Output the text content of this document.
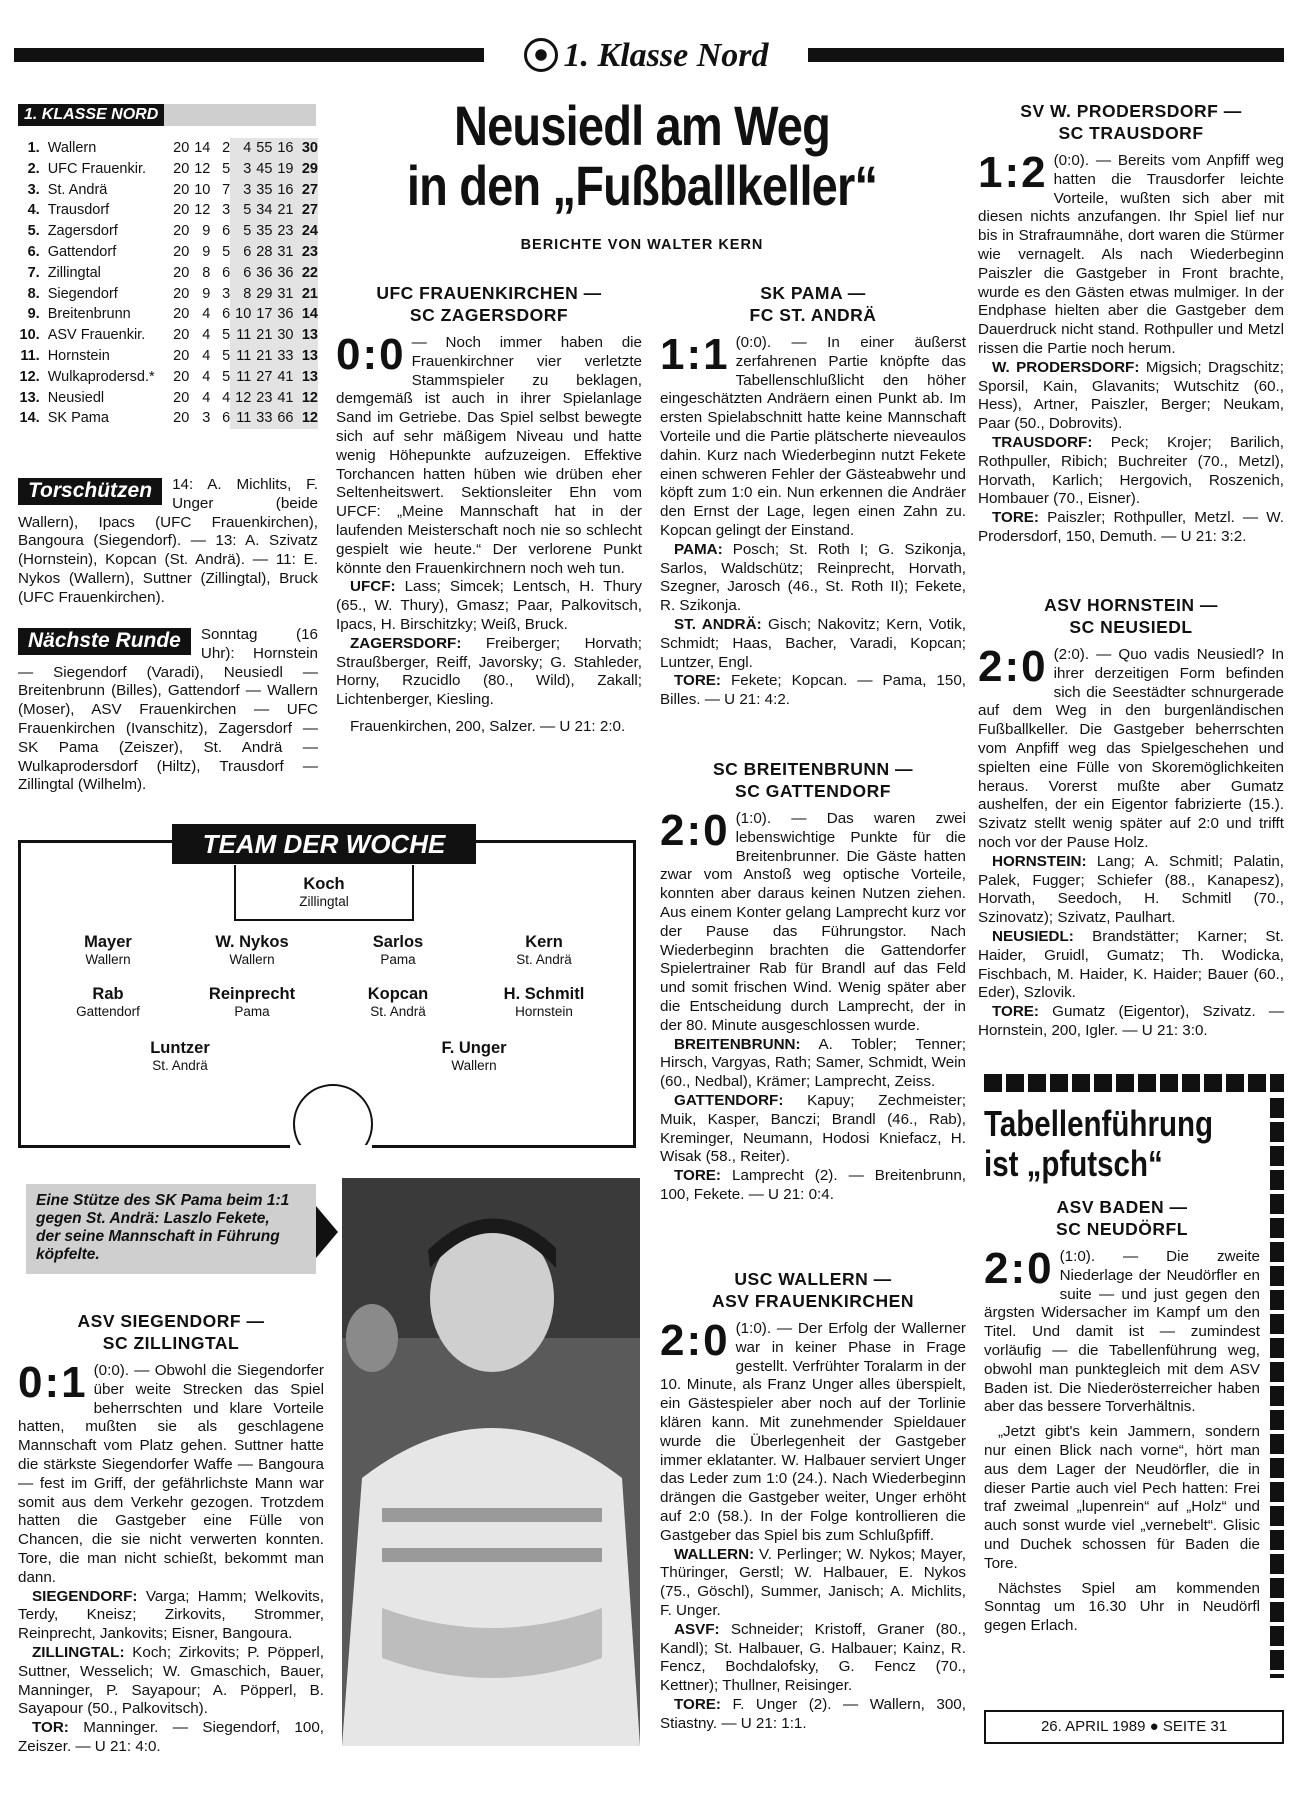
1. Klasse Nord
1. KLASSE NORD
1.	Wallern	20	14	2	4	55	16	30
2.	UFC Frauenkir.	20	12	5	3	45	19	29
3.	St. Andrä	20	10	7	3	35	16	27
4.	Trausdorf	20	12	3	5	34	21	27
5.	Zagersdorf	20	9	6	5	35	23	24
6.	Gattendorf	20	9	5	6	28	31	23
7.	Zillingtal	20	8	6	6	36	36	22
8.	Siegendorf	20	9	3	8	29	31	21
9.	Breitenbrunn	20	4	6	10	17	36	14
10.	ASV Frauenkir.	20	4	5	11	21	30	13
11.	Hornstein	20	4	5	11	21	33	13
12.	Wulkaprodersd.*	20	4	5	11	27	41	13
13.	Neusiedl	20	4	4	12	23	41	12
14.	SK Pama	20	3	6	11	33	66	12
Torschützen	14: A. Michlits, F. Unger (beide Wallern), Ipacs (UFC Frauenkirchen), Bangoura (Siegendorf). — 13: A. Szivatz (Hornstein), Kopcan (St. Andrä). — 11: E. Nykos (Wallern), Suttner (Zillingtal), Bruck (UFC Frauenkirchen).
Nächste Runde	Sonntag (16 Uhr): Hornstein — Siegendorf (Varadi), Neusiedl — Breitenbrunn (Billes), Gattendorf — Wallern (Moser), ASV Frauenkirchen — UFC Frauenkirchen (Ivanschitz), Zagersdorf — SK Pama (Zeiszer), St. Andrä — Wulkaprodersdorf (Hiltz), Trausdorf — Zillingtal (Wilhelm).
Neusiedl am Weg
in den „Fußballkeller“
BERICHTE VON WALTER KERN
UFC FRAUENKIRCHEN —
SC ZAGERSDORF
0:0 — Noch immer haben die Frauenkirchner vier verletzte Stammspieler zu beklagen, demgemäß ist auch in ihrer Spielanlage Sand im Getriebe. Das Spiel selbst bewegte sich auf sehr mäßigem Niveau und hatte wenig Höhepunkte aufzuzeigen. Effektive Torchancen hatten hüben wie drüben eher Seltenheitswert. Sektionsleiter Ehn vom UFCF: „Meine Mannschaft hat in der laufenden Meisterschaft noch nie so schlecht gespielt wie heute.“ Der verlorene Punkt könnte den Frauenkirchnern noch weh tun.

UFCF: Lass; Simcek; Lentsch, H. Thury (65., W. Thury), Gmasz; Paar, Palkovitsch, Ipacs, H. Birschitzky; Weiß, Bruck.

ZAGERSDORF: Freiberger; Horvath; Straußberger, Reiff, Javorsky; G. Stahleder, Horny, Rzucidlo (80., Wild), Zakall; Lichtenberger, Kiesling.

Frauenkirchen, 200, Salzer. — U 21: 2:0.

SK PAMA —
FC ST. ANDRÄ
1:1 (0:0). — In einer äußerst zerfahrenen Partie knöpfte das Tabellenschlußlicht den höher eingeschätzten Andräern einen Punkt ab. Im ersten Spielabschnitt hatte keine Mannschaft Vorteile und die Partie plätscherte nieveaulos dahin. Kurz nach Wiederbeginn nutzt Fekete einen schweren Fehler der Gästeabwehr und köpft zum 1:0 ein. Nun erkennen die Andräer den Ernst der Lage, legen einen Zahn zu. Kopcan gelingt der Einstand.

PAMA: Posch; St. Roth I; G. Szikonja, Sarlos, Waldschütz; Reinprecht, Horvath, Szegner, Jarosch (46., St. Roth II); Fekete, R. Szikonja.

ST. ANDRÄ: Gisch; Nakovitz; Kern, Votik, Schmidt; Haas, Bacher, Varadi, Kopcan; Luntzer, Engl.

TORE: Fekete; Kopcan. — Pama, 150, Billes. — U 21: 4:2.

SV W. PRODERSDORF —
SC TRAUSDORF
1:2 (0:0). — Bereits vom Anpfiff weg hatten die Trausdorfer leichte Vorteile, wußten sich aber mit diesen nichts anzufangen. Ihr Spiel lief nur bis in Strafraumnähe, dort waren die Stürmer wie vernagelt. Als nach Wiederbeginn Paiszler die Gastgeber in Front brachte, wurde es den Gästen etwas mulmiger. In der Endphase hielten aber die Gastgeber dem Dauerdruck nicht stand. Rothpuller und Metzl rissen die Partie noch herum.

W. PRODERSDORF: Migsich; Dragschitz; Sporsil, Kain, Glavanits; Wutschitz (60., Hess), Artner, Paiszler, Berger; Neukam, Paar (50., Dobrovits).

TRAUSDORF: Peck; Krojer; Barilich, Rothpuller, Ribich; Buchreiter (70., Metzl), Horvath, Karlich; Hergovich, Roszenich, Hombauer (70., Eisner).

TORE: Paiszler; Rothpuller, Metzl. — W. Prodersdorf, 150, Demuth. — U 21: 3:2.

SC BREITENBRUNN —
SC GATTENDORF
2:0 (1:0). — Das waren zwei lebenswichtige Punkte für die Breitenbrunner. Die Gäste hatten zwar vom Anstoß weg optische Vorteile, konnten aber daraus keinen Nutzen ziehen. Aus einem Konter gelang Lamprecht kurz vor der Pause das Führungstor. Nach Wiederbeginn brachten die Gattendorfer Spielertrainer Rab für Brandl auf das Feld und somit frischen Wind. Wenig später aber die Entscheidung durch Lamprecht, der in der 80. Minute ausgeschlossen wurde.

BREITENBRUNN: A. Tobler; Tenner; Hirsch, Vargyas, Rath; Samer, Schmidt, Wein (60., Nedbal), Krämer; Lamprecht, Zeiss.

GATTENDORF: Kapuy; Zechmeister; Muik, Kasper, Banczi; Brandl (46., Rab), Kreminger, Neumann, Hodosi Kniefacz, H. Wisak (58., Reiter).

TORE: Lamprecht (2). — Breitenbrunn, 100, Fekete. — U 21: 0:4.

ASV HORNSTEIN —
SC NEUSIEDL
2:0 (2:0). — Quo vadis Neusiedl? In ihrer derzeitigen Form befinden sich die Seestädter schnurgerade auf dem Weg in den burgenländischen Fußballkeller. Die Gastgeber beherrschten vom Anpfiff weg das Spielgeschehen und spielten eine Fülle von Skoremöglichkeiten heraus. Vorerst mußte aber Gumatz aushelfen, der ein Eigentor fabrizierte (15.). Szivatz stellt wenig später auf 2:0 und trifft noch vor der Pause Holz.

HORNSTEIN: Lang; A. Schmitl; Palatin, Palek, Fugger; Schiefer (88., Kanapesz), Horvath, Seedoch, H. Schmitl (70., Szinovatz); Szivatz, Paulhart.

NEUSIEDL: Brandstätter; Karner; St. Haider, Gruidl, Gumatz; Th. Wodicka, Fischbach, M. Haider, K. Haider; Bauer (60., Eder), Szlovik.

TORE: Gumatz (Eigentor), Szivatz. — Hornstein, 200, Igler. — U 21: 3:0.

TEAM DER WOCHE
Koch
Zillingtal
Mayer
Wallern
W. Nykos
Wallern
Sarlos
Pama
Kern
St. Andrä
Rab
Gattendorf
Reinprecht
Pama
Kopcan
St. Andrä
H. Schmitl
Hornstein
Luntzer
St. Andrä
F. Unger
Wallern
Eine Stütze des SK Pama beim 1:1 gegen St. Andrä: Laszlo Fekete, der seine Mannschaft in Führung köpfelte.
ASV SIEGENDORF —
SC ZILLINGTAL
0:1 (0:0). — Obwohl die Siegendorfer über weite Strecken das Spiel beherrschten und klare Vorteile hatten, mußten sie als geschlagene Mannschaft vom Platz gehen. Suttner hatte die stärkste Siegendorfer Waffe — Bangoura — fest im Griff, der gefährlichste Mann war somit aus dem Verkehr gezogen. Trotzdem hatten die Gastgeber eine Fülle von Chancen, die sie nicht verwerten konnten. Tore, die man nicht schießt, bekommt man dann.

SIEGENDORF: Varga; Hamm; Welkovits, Terdy, Kneisz; Zirkovits, Strommer, Reinprecht, Jankovits; Eisner, Bangoura.

ZILLINGTAL: Koch; Zirkovits; P. Pöpperl, Suttner, Wesselich; W. Gmaschich, Bauer, Manninger, P. Sayapour; A. Pöpperl, B. Sayapour (50., Palkovitsch).

TOR: Manninger. — Siegendorf, 100, Zeiszer. — U 21: 4:0.

USC WALLERN —
ASV FRAUENKIRCHEN
2:0 (1:0). — Der Erfolg der Wallerner war in keiner Phase in Frage gestellt. Verfrühter Toralarm in der 10. Minute, als Franz Unger alles überspielt, ein Gästespieler aber noch auf der Torlinie klären kann. Mit zunehmender Spieldauer wurde die Überlegenheit der Gastgeber immer eklatanter. W. Halbauer serviert Unger das Leder zum 1:0 (24.). Nach Wiederbeginn drängen die Gastgeber weiter, Unger erhöht auf 2:0 (58.). In der Folge kontrollieren die Gastgeber das Spiel bis zum Schlußpfiff.

WALLERN: V. Perlinger; W. Nykos; Mayer, Thüringer, Gerstl; W. Halbauer, E. Nykos (75., Göschl), Summer, Janisch; A. Michlits, F. Unger.

ASVF: Schneider; Kristoff, Graner (80., Kandl); St. Halbauer, G. Halbauer; Kainz, R. Fencz, Bochdalofsky, G. Fencz (70., Kettner); Thullner, Reisinger.

TORE: F. Unger (2). — Wallern, 300, Stiastny. — U 21: 1:1.

Tabellenführung
ist „pfutsch“
ASV BADEN —
SC NEUDÖRFL
2:0 (1:0). — Die zweite Niederlage der Neudörfler en suite — und just gegen den ärgsten Widersacher im Kampf um den Titel. Und damit ist — zumindest vorläufig — die Tabellenführung weg, obwohl man punktegleich mit dem ASV Baden ist. Die Niederösterreicher haben aber das bessere Torverhältnis.

„Jetzt gibt's kein Jammern, sondern nur einen Blick nach vorne“, hört man aus dem Lager der Neudörfler, die in dieser Partie auch viel Pech hatten: Frei traf zweimal „lupenrein“ auf „Holz“ und auch sonst wurde viel „vernebelt“. Glisic und Duchek schossen für Baden die Tore.

Nächstes Spiel am kommenden Sonntag um 16.30 Uhr in Neudörfl gegen Erlach.

26. APRIL 1989 ● SEITE 31
